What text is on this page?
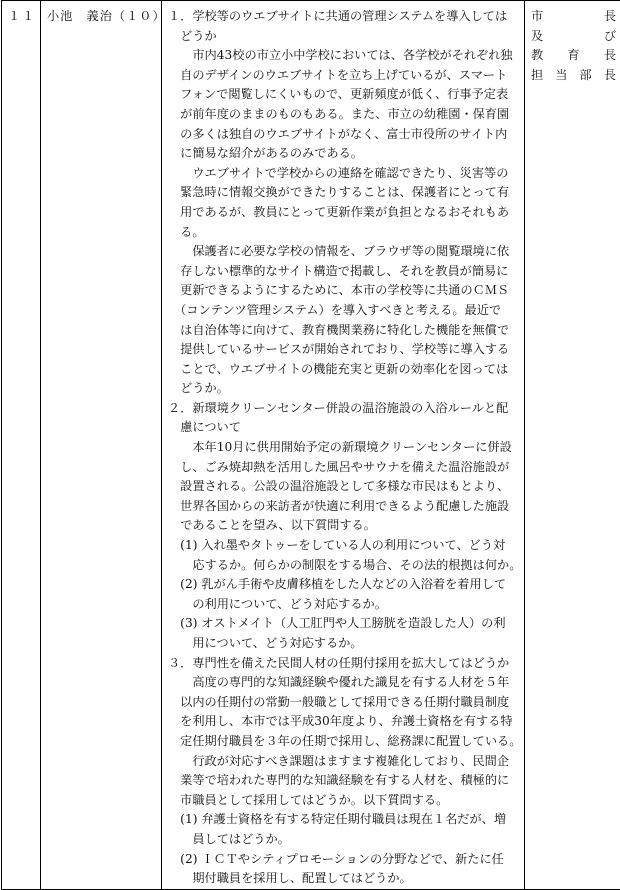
１１	小池　義治（１０）	１．学校等のウエブサイトに共通の管理システムを導入しては
　どうか
　　市内43校の市立小中学校においては、各学校がそれぞれ独
　自のデザインのウエブサイトを立ち上げているが、スマート
　フォンで閲覧しにくいもので、更新頻度が低く、行事予定表
　が前年度のままのものもある。また、市立の幼稚園・保育園
　の多くは独自のウエブサイトがなく、富士市役所のサイト内
　に簡易な紹介があるのみである。
　　ウエブサイトで学校からの連絡を確認できたり、災害等の
　緊急時に情報交換ができたりすることは、保護者にとって有
　用であるが、教員にとって更新作業が負担となるおそれもあ
　る。
　　保護者に必要な学校の情報を、ブラウザ等の閲覧環境に依
　存しない標準的なサイト構造で掲載し、それを教員が簡易に
　更新できるようにするために、本市の学校等に共通のＣＭＳ
　（コンテンツ管理システム）を導入すべきと考える。最近で
　は自治体等に向けて、教育機関業務に特化した機能を無償で
　提供しているサービスが開始されており、学校等に導入する
　ことで、ウエブサイトの機能充実と更新の効率化を図っては
　どうか。
２．新環境クリーンセンター併設の温浴施設の入浴ルールと配
　慮について
　　本年10月に供用開始予定の新環境クリーンセンターに併設
　し、ごみ焼却熱を活用した風呂やサウナを備えた温浴施設が
　設置される。公設の温浴施設として多様な市民はもとより、
　世界各国からの来訪者が快適に利用できるよう配慮した施設
　であることを望み、以下質問する。
　(1) 入れ墨やタトゥーをしている人の利用について、どう対
　　応するか。何らかの制限をする場合、その法的根拠は何か。
　(2) 乳がん手術や皮膚移植をした人などの入浴着を着用して
　　の利用について、どう対応するか。
　(3) オストメイト（人工肛門や人工膀胱を造設した人）の利
　　用について、どう対応するか。
３．専門性を備えた民間人材の任期付採用を拡大してはどうか
　　高度の専門的な知識経験や優れた識見を有する人材を５年
　以内の任期付の常勤一般職として採用できる任期付職員制度
　を利用し、本市では平成30年度より、弁護士資格を有する特
　定任期付職員を３年の任期で採用し、総務課に配置している。
　　行政が対応すべき課題はますます複雑化しており、民間企
　業等で培われた専門的な知識経験を有する人材を、積極的に
　市職員として採用してはどうか。以下質問する。
　(1) 弁護士資格を有する特定任期付職員は現在１名だが、増
　　員してはどうか。
　(2) ＩＣＴやシティプロモーションの分野などで、新たに任
　　期付職員を採用し、配置してはどうか。

市	長
及	び
教 育 長
担 当 部 長
